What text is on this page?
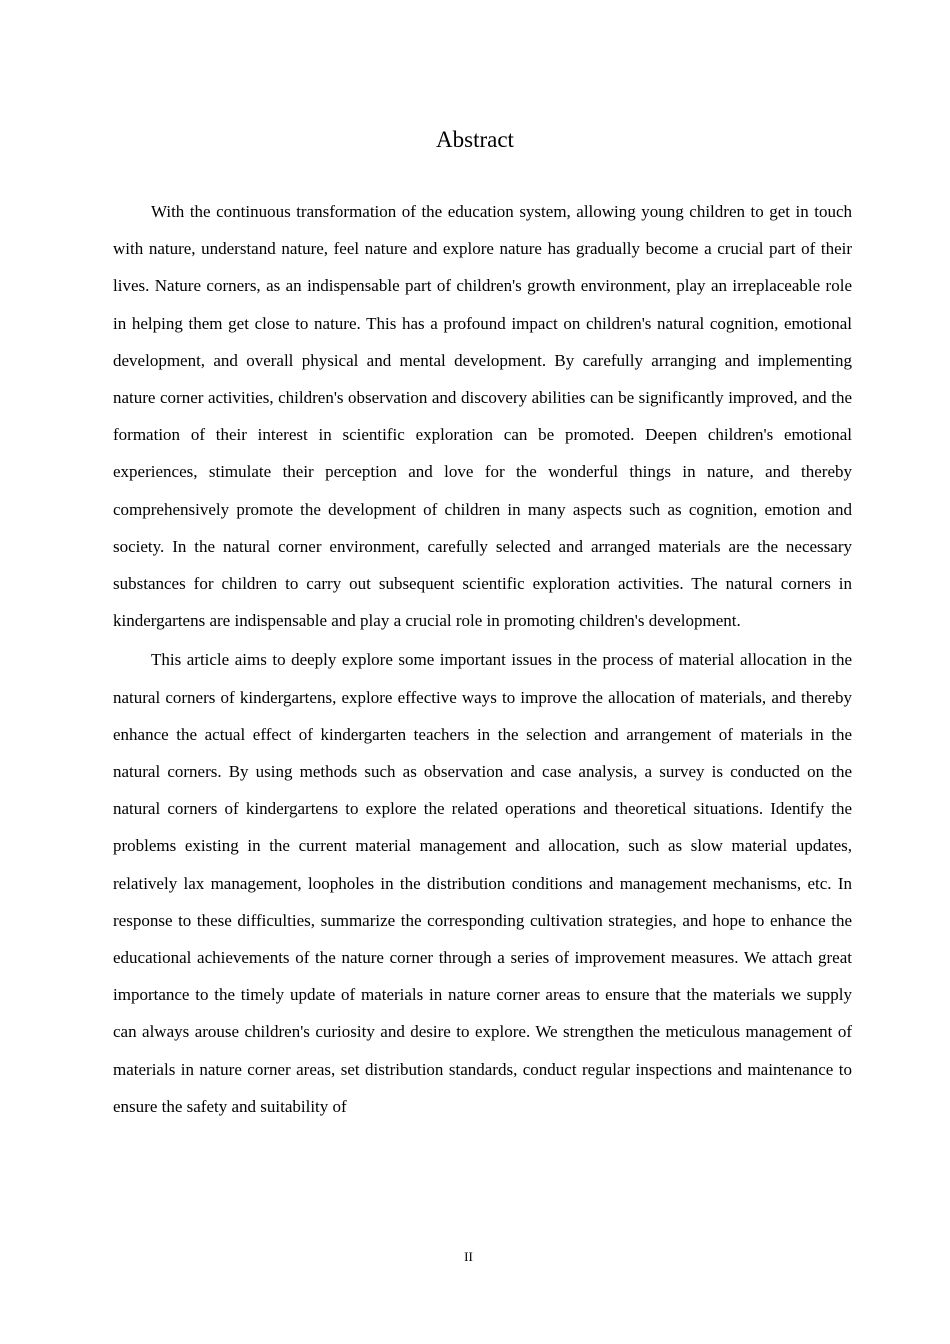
Abstract

With the continuous transformation of the education system, allowing young children to get in touch with nature, understand nature, feel nature and explore nature has gradually become a crucial part of their lives. Nature corners, as an indispensable part of children's growth environment, play an irreplaceable role in helping them get close to nature. This has a profound impact on children's natural cognition, emotional development, and overall physical and mental development. By carefully arranging and implementing nature corner activities, children's observation and discovery abilities can be significantly improved, and the formation of their interest in scientific exploration can be promoted. Deepen children's emotional experiences, stimulate their perception and love for the wonderful things in nature, and thereby comprehensively promote the development of children in many aspects such as cognition, emotion and society. In the natural corner environment, carefully selected and arranged materials are the necessary substances for children to carry out subsequent scientific exploration activities. The natural corners in kindergartens are indispensable and play a crucial role in promoting children's development.

This article aims to deeply explore some important issues in the process of material allocation in the natural corners of kindergartens, explore effective ways to improve the allocation of materials, and thereby enhance the actual effect of kindergarten teachers in the selection and arrangement of materials in the natural corners. By using methods such as observation and case analysis, a survey is conducted on the natural corners of kindergartens to explore the related operations and theoretical situations. Identify the problems existing in the current material management and allocation, such as slow material updates, relatively lax management, loopholes in the distribution conditions and management mechanisms, etc. In response to these difficulties, summarize the corresponding cultivation strategies, and hope to enhance the educational achievements of the nature corner through a series of improvement measures. We attach great importance to the timely update of materials in nature corner areas to ensure that the materials we supply can always arouse children's curiosity and desire to explore. We strengthen the meticulous management of materials in nature corner areas, set distribution standards, conduct regular inspections and maintenance to ensure the safety and suitability of

II
